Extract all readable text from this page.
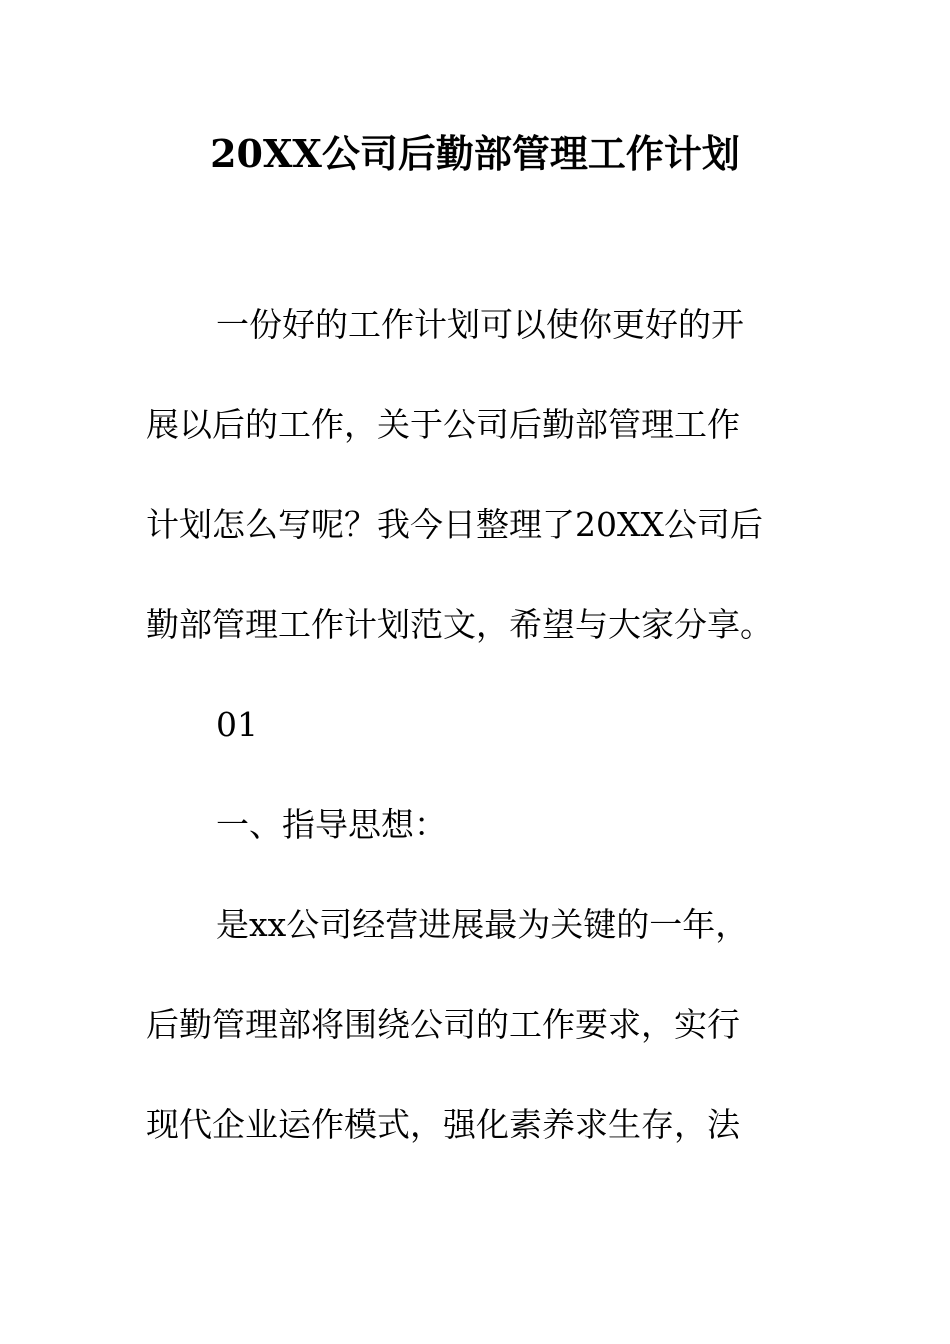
20XX公司后勤部管理工作计划
一份好的工作计划可以使你更好的开
展以后的工作，关于公司后勤部管理工作
计划怎么写呢？我今日整理了20XX公司后
勤部管理工作计划范文，希望与大家分享。
01
一、指导思想：
是xx公司经营进展最为关键的一年，
后勤管理部将围绕公司的工作要求，实行
现代企业运作模式，强化素养求生存，法
